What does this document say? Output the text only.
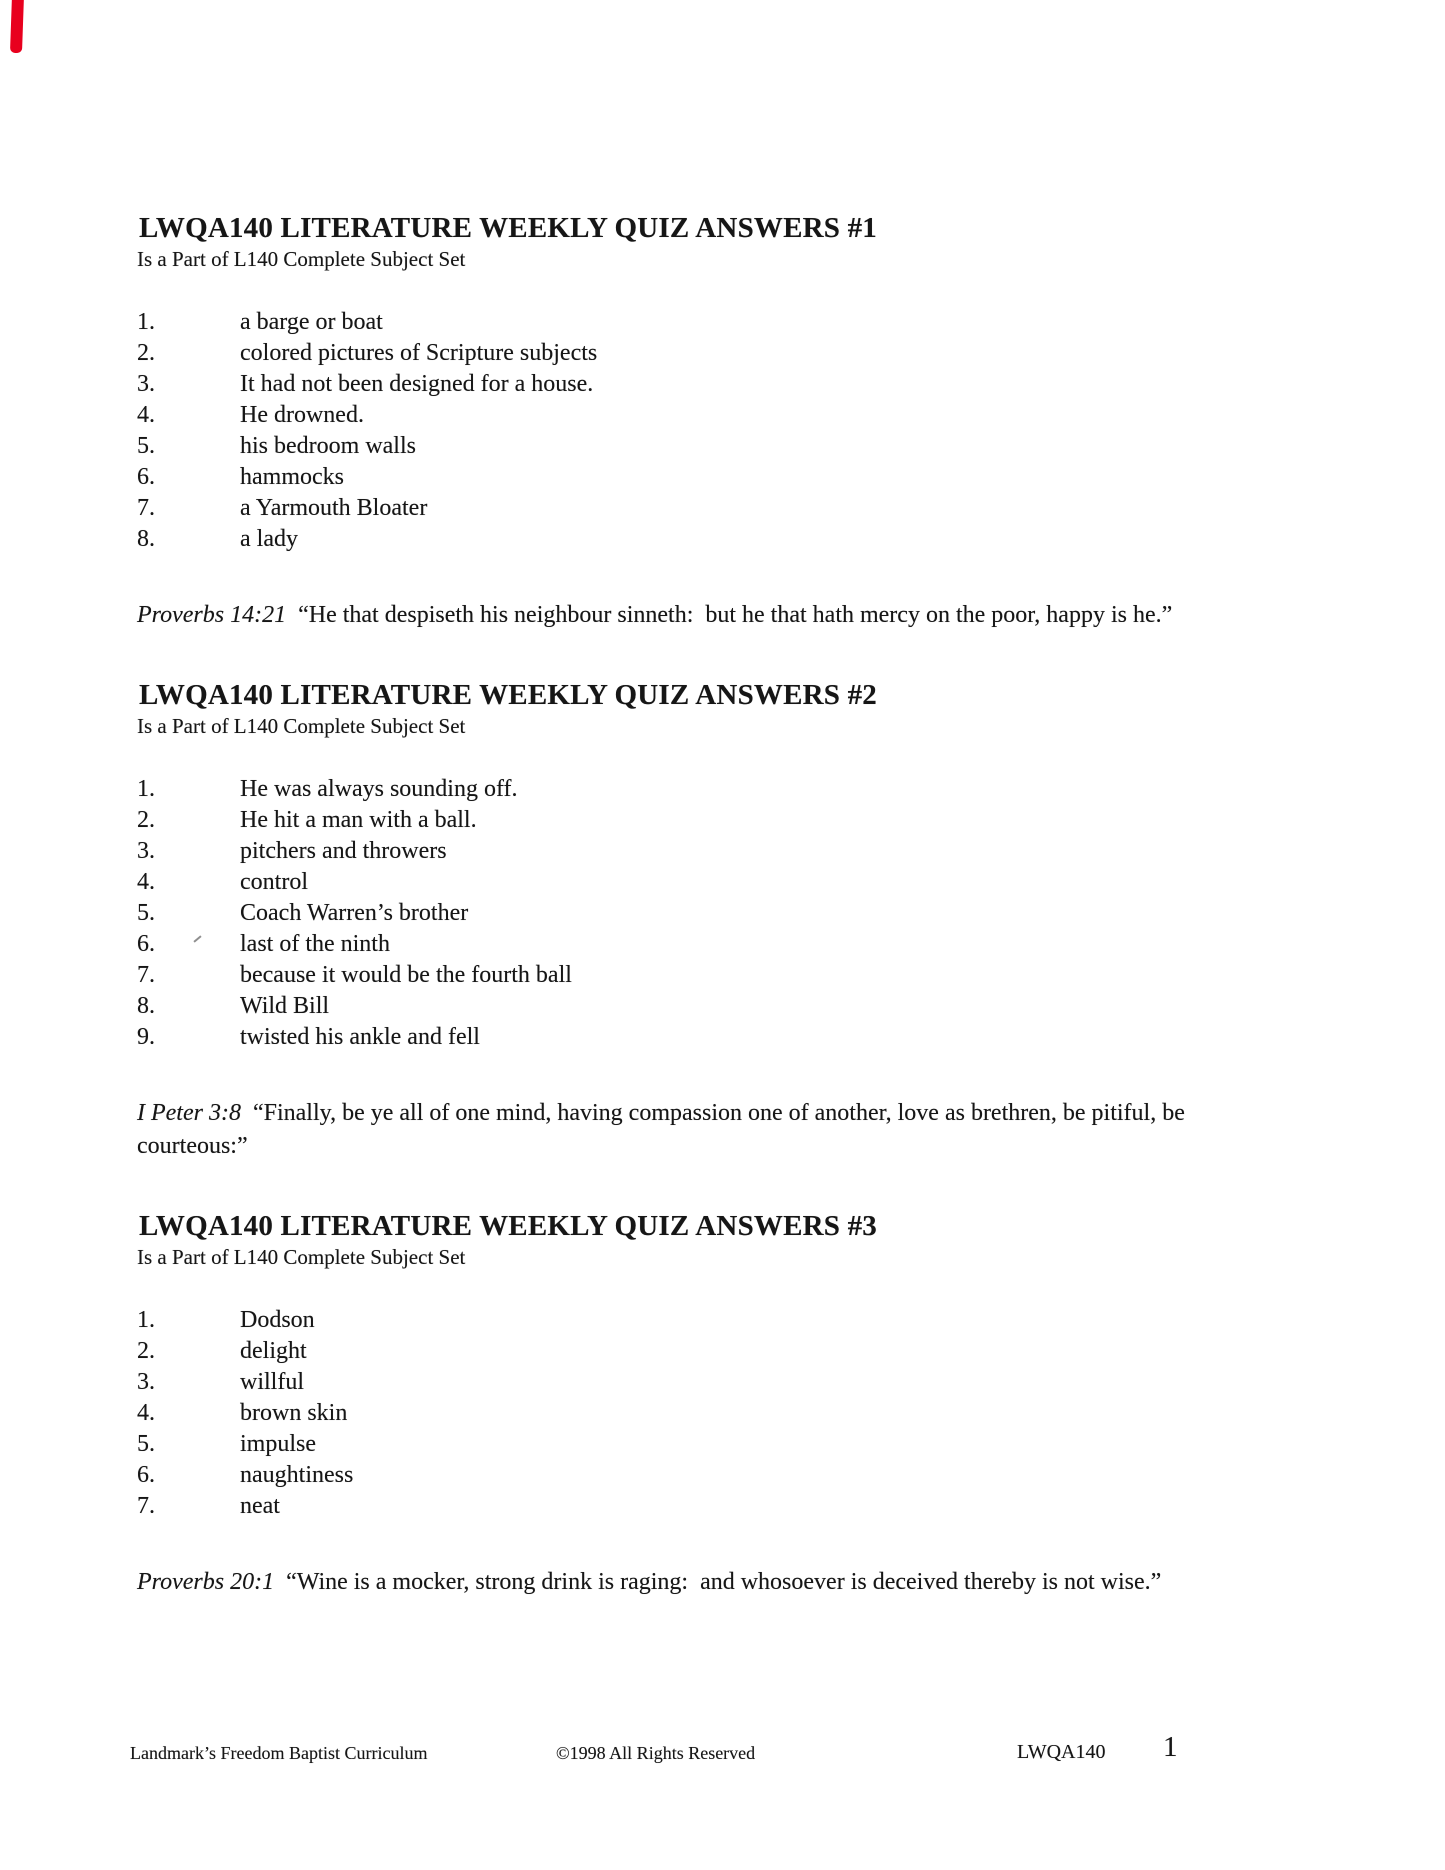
LWQA140 LITERATURE WEEKLY QUIZ ANSWERS #1

Is a Part of L140 Complete Subject Set

1.	a barge or boat
2.	colored pictures of Scripture subjects
3.	It had not been designed for a house.
4.	He drowned.
5.	his bedroom walls
6.	hammocks
7.	a Yarmouth Bloater
8.	a lady

Proverbs 14:21  “He that despiseth his neighbour sinneth:  but he that hath mercy on the poor, happy is he.”

LWQA140 LITERATURE WEEKLY QUIZ ANSWERS #2

Is a Part of L140 Complete Subject Set

1.	He was always sounding off.
2.	He hit a man with a ball.
3.	pitchers and throwers
4.	control
5.	Coach Warren’s brother
6.	last of the ninth
7.	because it would be the fourth ball
8.	Wild Bill
9.	twisted his ankle and fell

I Peter 3:8  “Finally, be ye all of one mind, having compassion one of another, love as brethren, be pitiful, be courteous:”

LWQA140 LITERATURE WEEKLY QUIZ ANSWERS #3

Is a Part of L140 Complete Subject Set

1.	Dodson
2.	delight
3.	willful
4.	brown skin
5.	impulse
6.	naughtiness
7.	neat

Proverbs 20:1  “Wine is a mocker, strong drink is raging:  and whosoever is deceived thereby is not wise.”

Landmark’s Freedom Baptist Curriculum	©1998 All Rights Reserved	LWQA140 1
